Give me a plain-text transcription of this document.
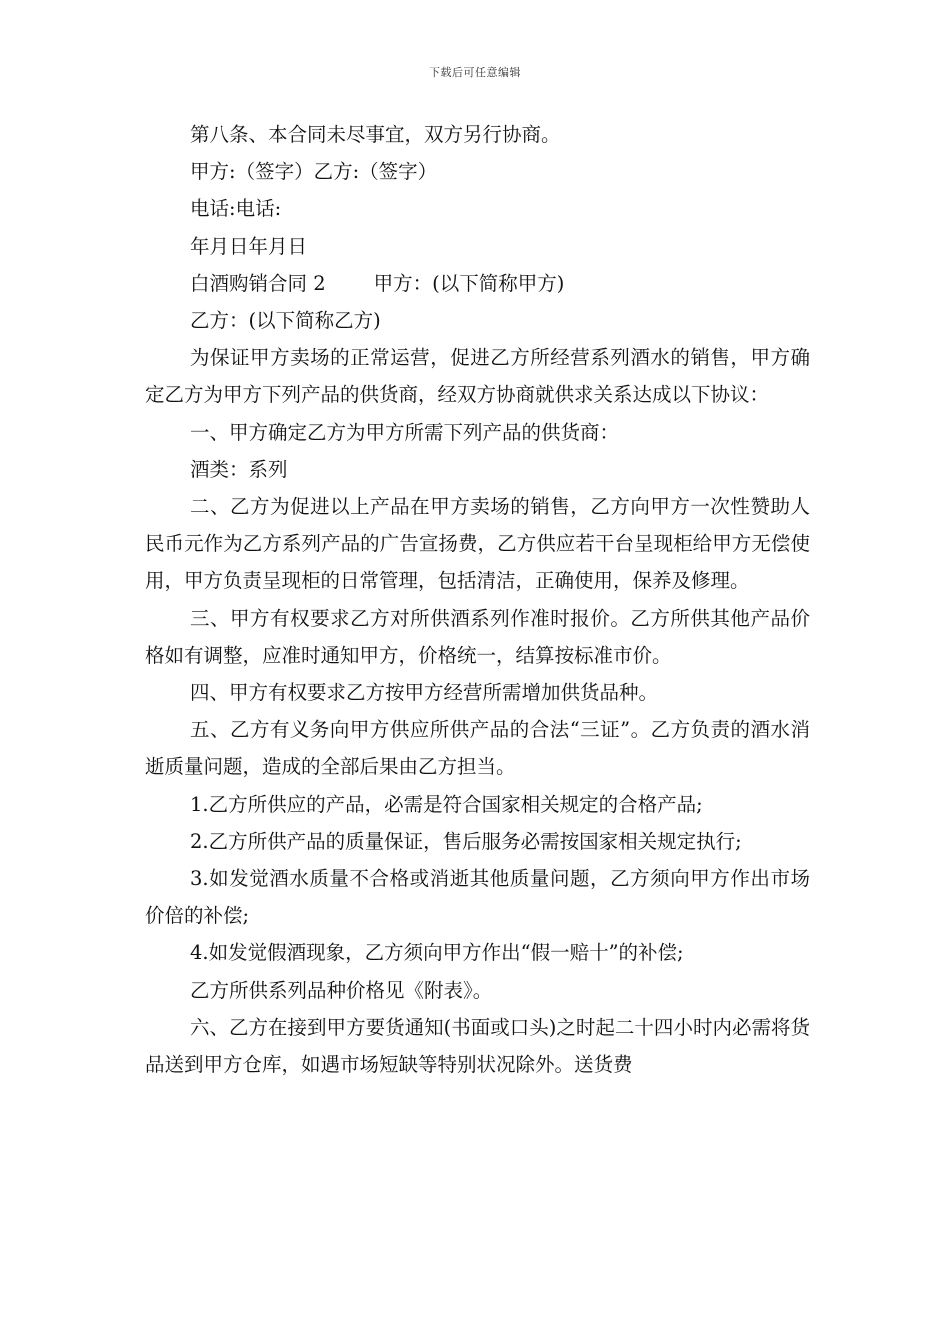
下载后可任意编辑

第八条、本合同未尽事宜，双方另行协商。

甲方:（签字）乙方:（签字）

电话:电话:

年月日年月日

白酒购销合同 2 甲方：(以下简称甲方)

乙方：(以下简称乙方)

为保证甲方卖场的正常运营，促进乙方所经营系列酒水的销售，甲方确定乙方为甲方下列产品的供货商，经双方协商就供求关系达成以下协议：

一、甲方确定乙方为甲方所需下列产品的供货商：

酒类：系列

二、乙方为促进以上产品在甲方卖场的销售，乙方向甲方一次性赞助人民币元作为乙方系列产品的广告宣扬费，乙方供应若干台呈现柜给甲方无偿使用，甲方负责呈现柜的日常管理，包括清洁，正确使用，保养及修理。

三、甲方有权要求乙方对所供酒系列作准时报价。乙方所供其他产品价格如有调整，应准时通知甲方，价格统一，结算按标准市价。

四、甲方有权要求乙方按甲方经营所需增加供货品种。

五、乙方有义务向甲方供应所供产品的合法“三证”。乙方负责的酒水消逝质量问题，造成的全部后果由乙方担当。

1.乙方所供应的产品，必需是符合国家相关规定的合格产品;

2.乙方所供产品的质量保证，售后服务必需按国家相关规定执行;

3.如发觉酒水质量不合格或消逝其他质量问题，乙方须向甲方作出市场价倍的补偿;

4.如发觉假酒现象，乙方须向甲方作出“假一赔十”的补偿;

乙方所供系列品种价格见《附表》。

六、乙方在接到甲方要货通知(书面或口头)之时起二十四小时内必需将货品送到甲方仓库，如遇市场短缺等特别状况除外。送货费
